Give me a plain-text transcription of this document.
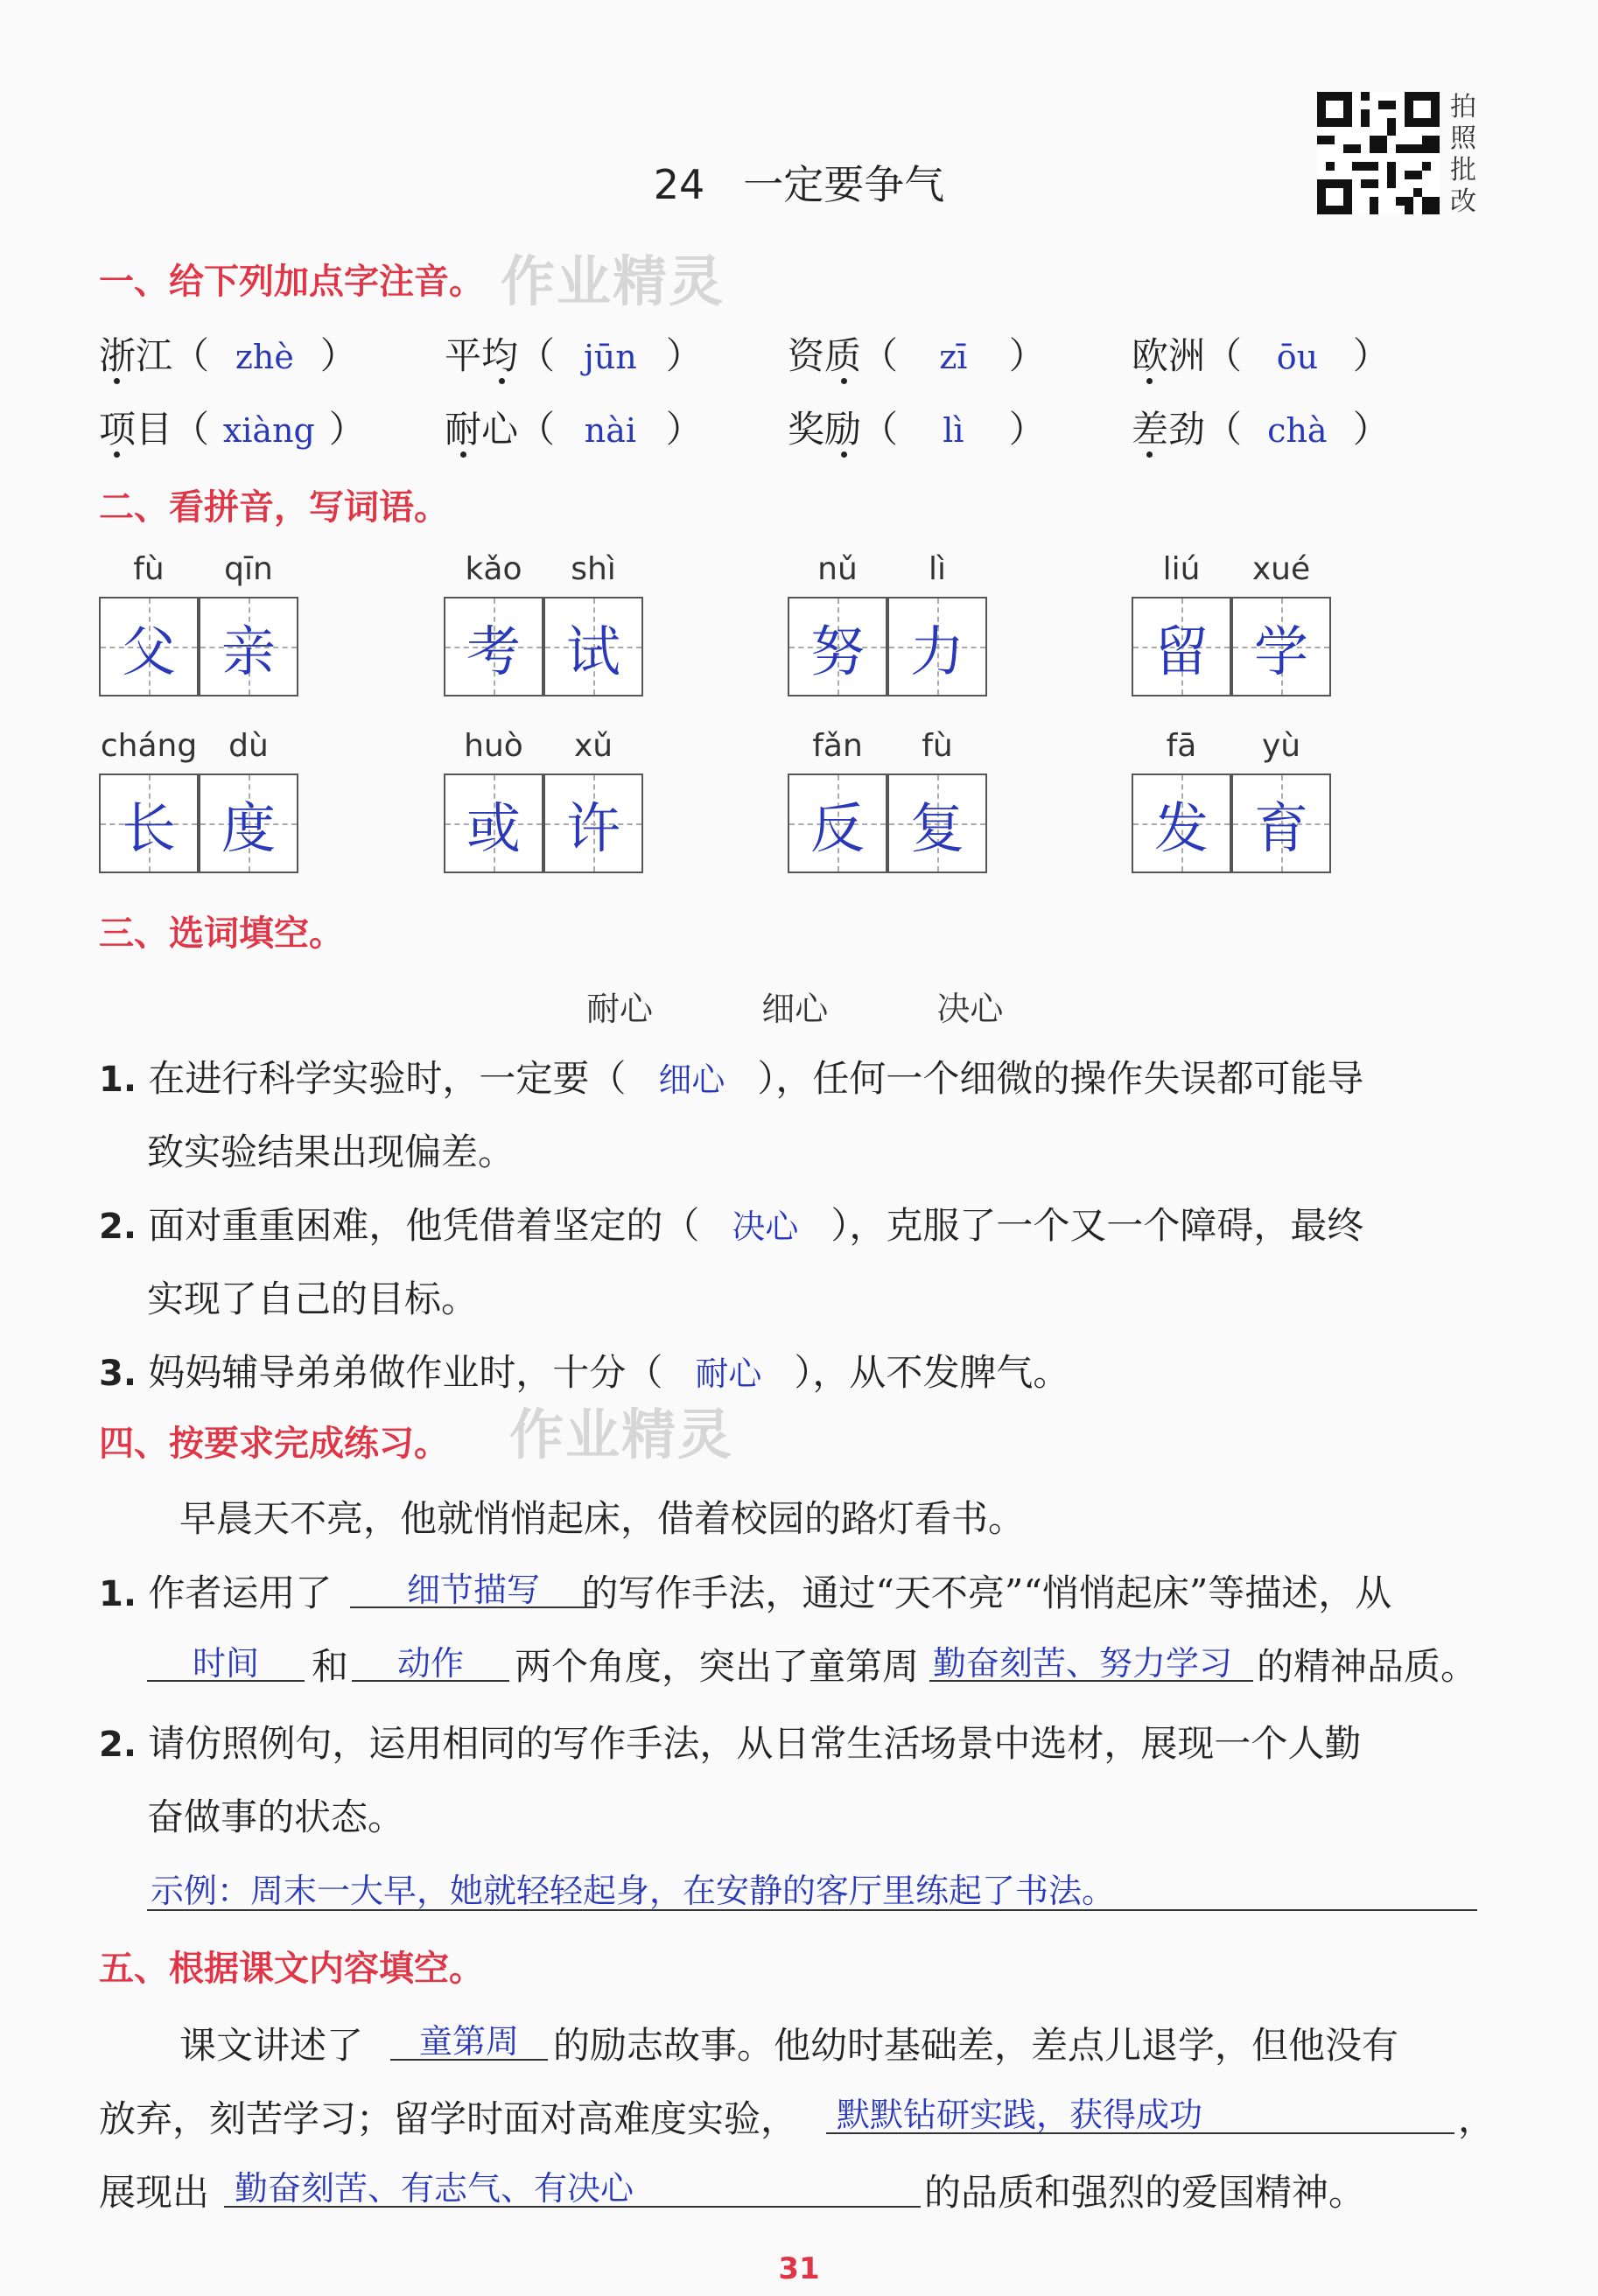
24 一定要争气
拍
照
批
改
作业精灵
作业精灵
一、给下列加点字注音。
浙江（ zhè ） 平均（ jūn ） 资质（ zī ） 欧洲（ ōu ）
项目（ xiàng ） 耐心（ nài ） 奖励（ lì ） 差劲（ chà ）
二、看拼音，写词语。
fù	qīn
父 亲
kǎo	shì
考 试
nǔ	lì
努 力
liú	xué
留 学
cháng dù
长 度
huò	xǔ
或 许
fǎn	fù
反 复
fā	yù
发 育
三、选词填空。
耐心	细心	决心
1. 在进行科学实验时，一定要（ 细心 ），任何一个细微的操作失误都可能导
致实验结果出现偏差。
2. 面对重重困难，他凭借着坚定的（ 决心 ），克服了一个又一个障碍，最终
实现了自己的目标。
3. 妈妈辅导弟弟做作业时，十分（ 耐心 ），从不发脾气。
四、按要求完成练习。
早晨天不亮，他就悄悄起床，借着校园的路灯看书。
1. 作者运用了	的写作手法，通过“天不亮”“悄悄起床”等描述，从
细节描写
时间	和	动作	两个角度，突出了童第周 勤奋刻苦、努力学习 的精神品质。
2. 请仿照例句，运用相同的写作手法，从日常生活场景中选材，展现一个人勤
奋做事的状态。
示例：周末一大早，她就轻轻起身，在安静的客厅里练起了书法。
五、根据课文内容填空。
课文讲述了	童第周 的励志故事。他幼时基础差，差点儿退学，但他没有
放弃，刻苦学习；留学时面对高难度实验， 默默钻研实践，获得成功	，
展现出 勤奋刻苦、有志气、有决心	的品质和强烈的爱国精神。
31
